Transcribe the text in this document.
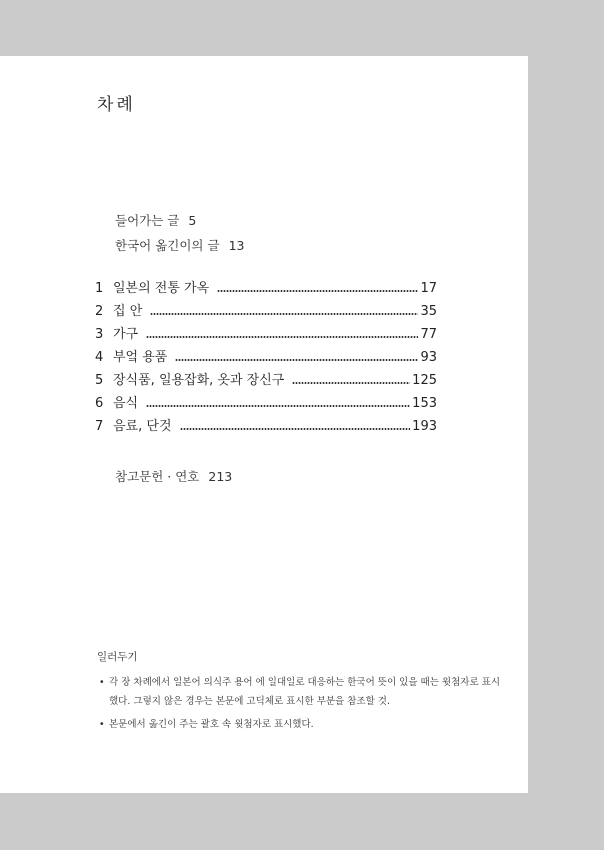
차례
들어가는 글 5
한국어 옮긴이의 글 13
1 일본의 전통 가옥	17
2 집 안	35
3 가구	77
4 부엌 용품	93
5 장식품, 일용잡화, 옷과 장신구	125
6 음식	153
7 음료, 단것	193
참고문헌 · 연호 213
일러두기
• 각 장 차례에서 일본어 의식주 용어 에 일대일로 대응하는 한국어 뜻이 있을 때는 윗첨자로 표시
했다. 그렇지 않은 경우는 본문에 고딕체로 표시한 부분을 참조할 것.
• 본문에서 옮긴이 주는 괄호 속 윗첨자로 표시했다.
